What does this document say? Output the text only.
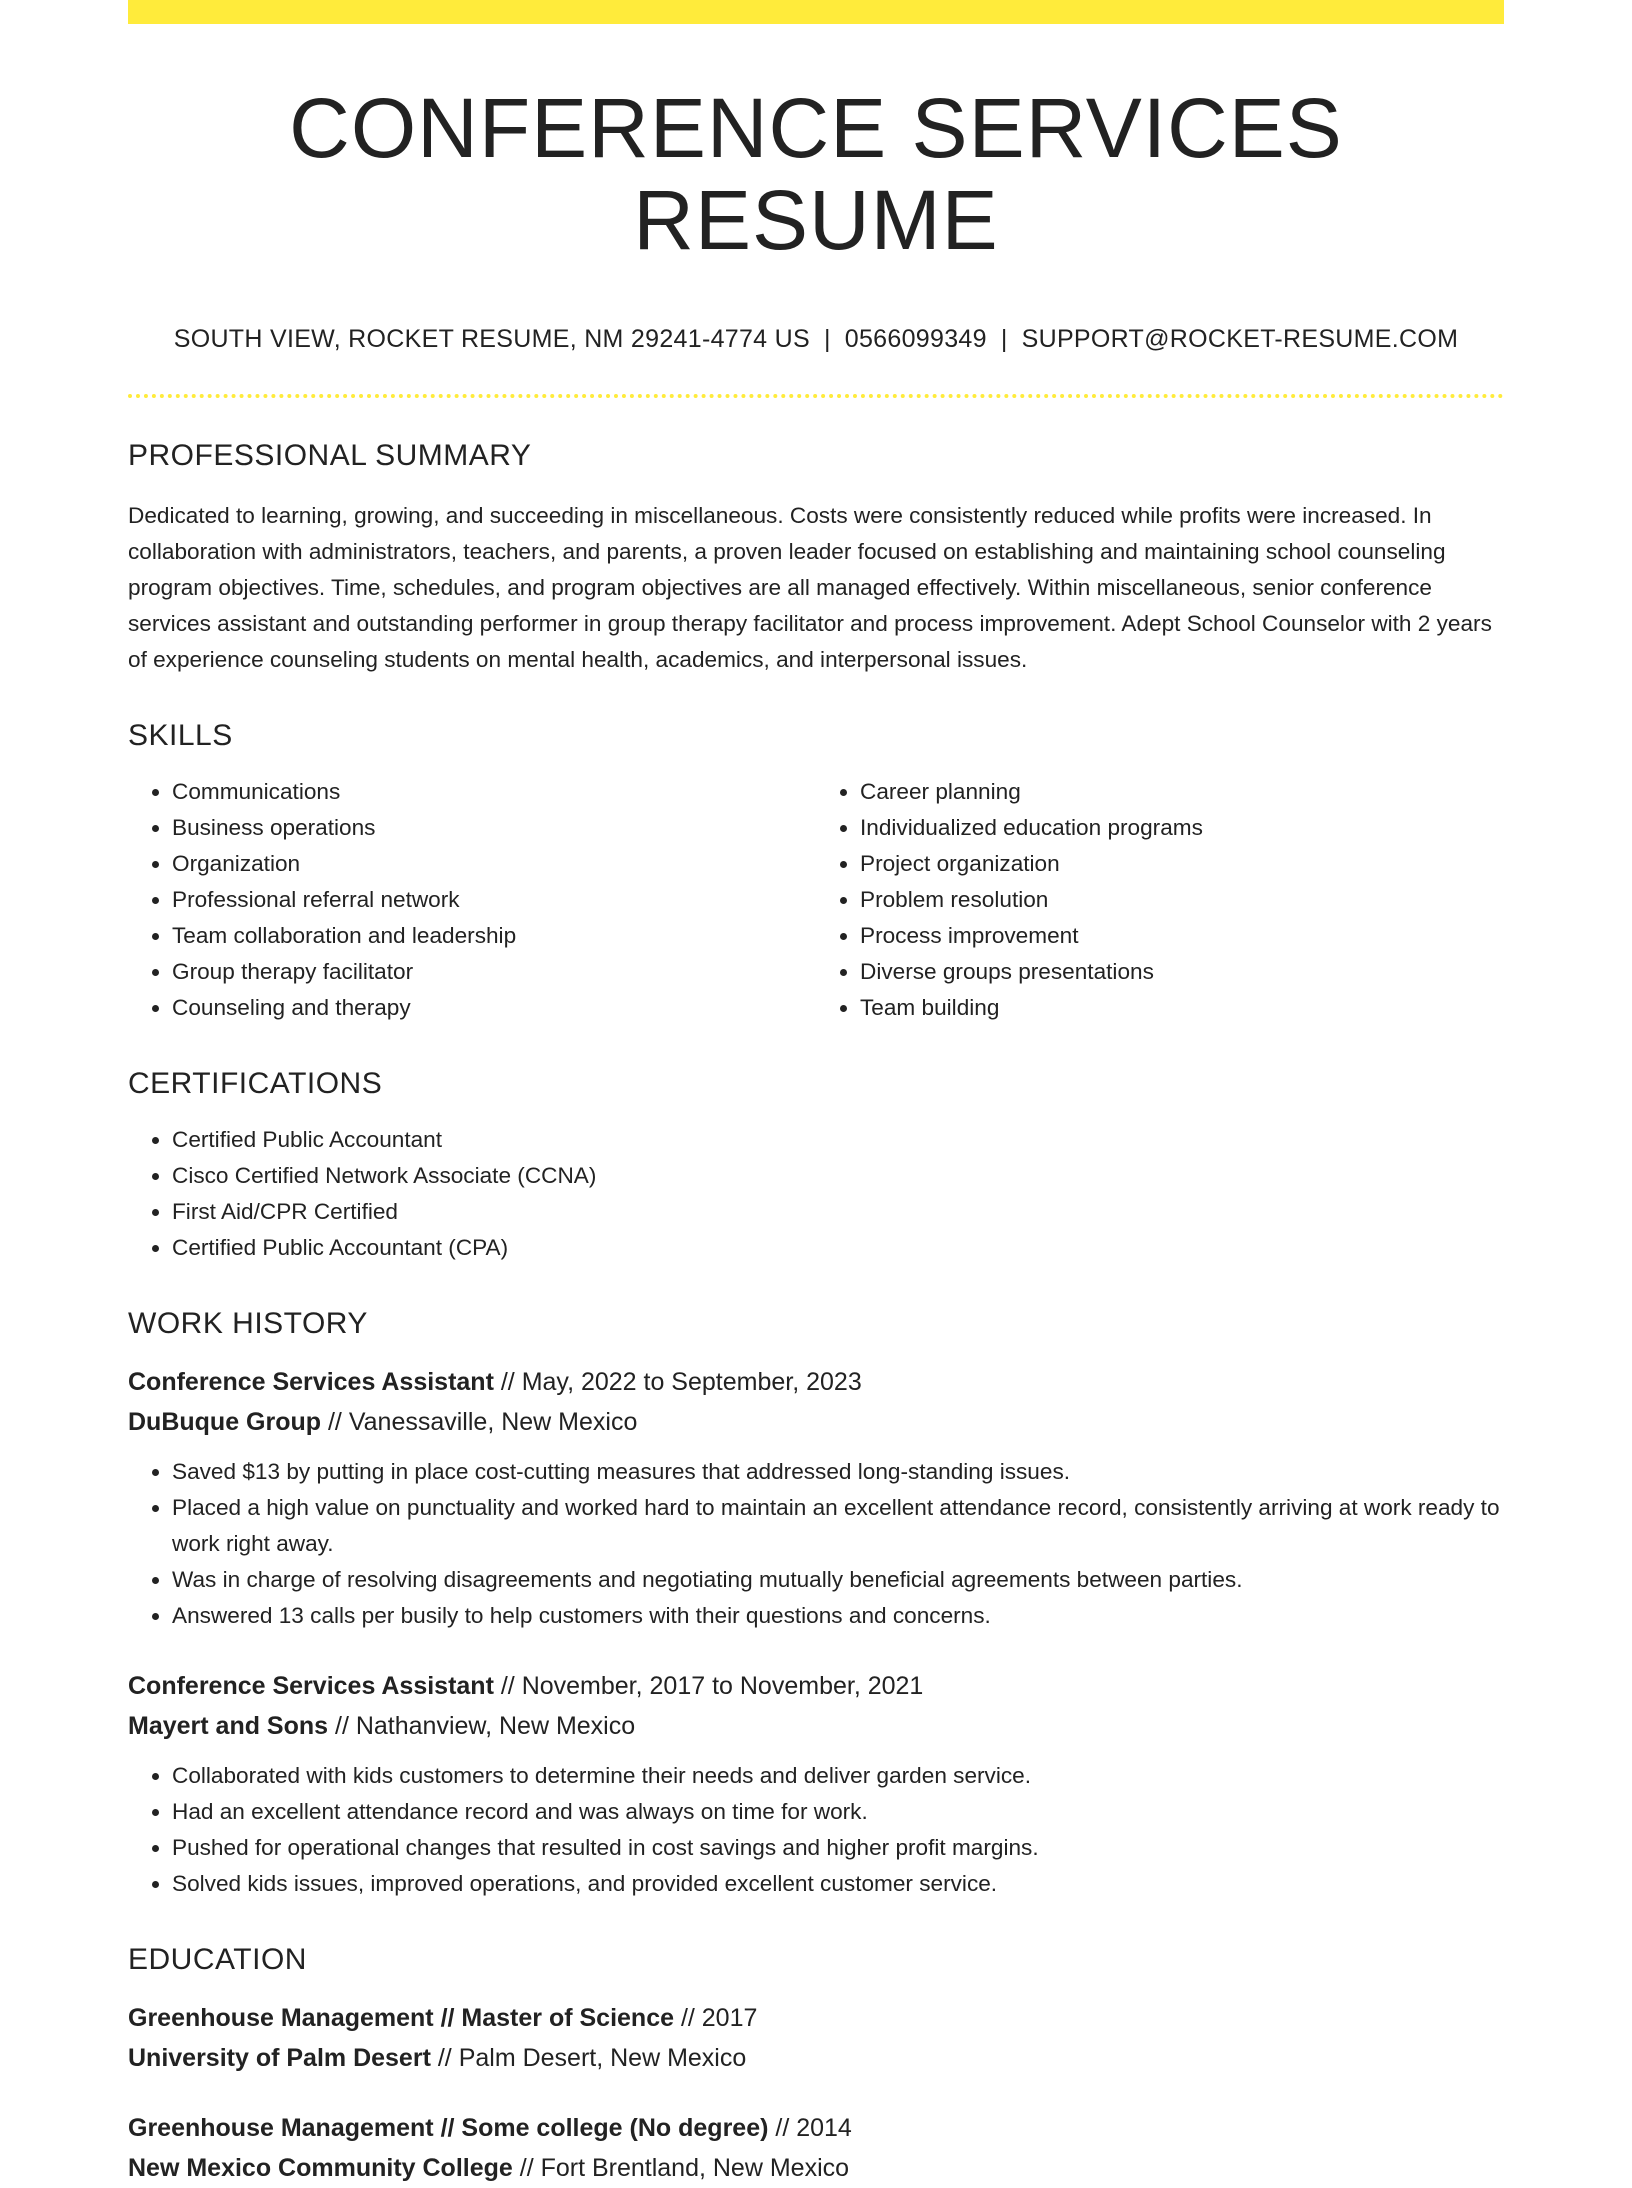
CONFERENCE SERVICES RESUME
SOUTH VIEW, ROCKET RESUME, NM 29241-4774 US | 0566099349 | SUPPORT@ROCKET-RESUME.COM
PROFESSIONAL SUMMARY

Dedicated to learning, growing, and succeeding in miscellaneous. Costs were consistently reduced while profits were increased. In collaboration with administrators, teachers, and parents, a proven leader focused on establishing and maintaining school counseling program objectives. Time, schedules, and program objectives are all managed effectively. Within miscellaneous, senior conference services assistant and outstanding performer in group therapy facilitator and process improvement. Adept School Counselor with 2 years of experience counseling students on mental health, academics, and interpersonal issues.

SKILLS
• Communications
• Business operations
• Organization
• Professional referral network
• Team collaboration and leadership
• Group therapy facilitator
• Counseling and therapy
• Career planning
• Individualized education programs
• Project organization
• Problem resolution
• Process improvement
• Diverse groups presentations
• Team building
CERTIFICATIONS
• Certified Public Accountant
• Cisco Certified Network Associate (CCNA)
• First Aid/CPR Certified
• Certified Public Accountant (CPA)
WORK HISTORY
Conference Services Assistant // May, 2022 to September, 2023
DuBuque Group // Vanessaville, New Mexico
• Saved $13 by putting in place cost-cutting measures that addressed long-standing issues.
• Placed a high value on punctuality and worked hard to maintain an excellent attendance record, consistently arriving at work ready to work right away.
• Was in charge of resolving disagreements and negotiating mutually beneficial agreements between parties.
• Answered 13 calls per busily to help customers with their questions and concerns.
Conference Services Assistant // November, 2017 to November, 2021
Mayert and Sons // Nathanview, New Mexico
• Collaborated with kids customers to determine their needs and deliver garden service.
• Had an excellent attendance record and was always on time for work.
• Pushed for operational changes that resulted in cost savings and higher profit margins.
• Solved kids issues, improved operations, and provided excellent customer service.
EDUCATION
Greenhouse Management // Master of Science // 2017
University of Palm Desert // Palm Desert, New Mexico
Greenhouse Management // Some college (No degree) // 2014
New Mexico Community College // Fort Brentland, New Mexico
